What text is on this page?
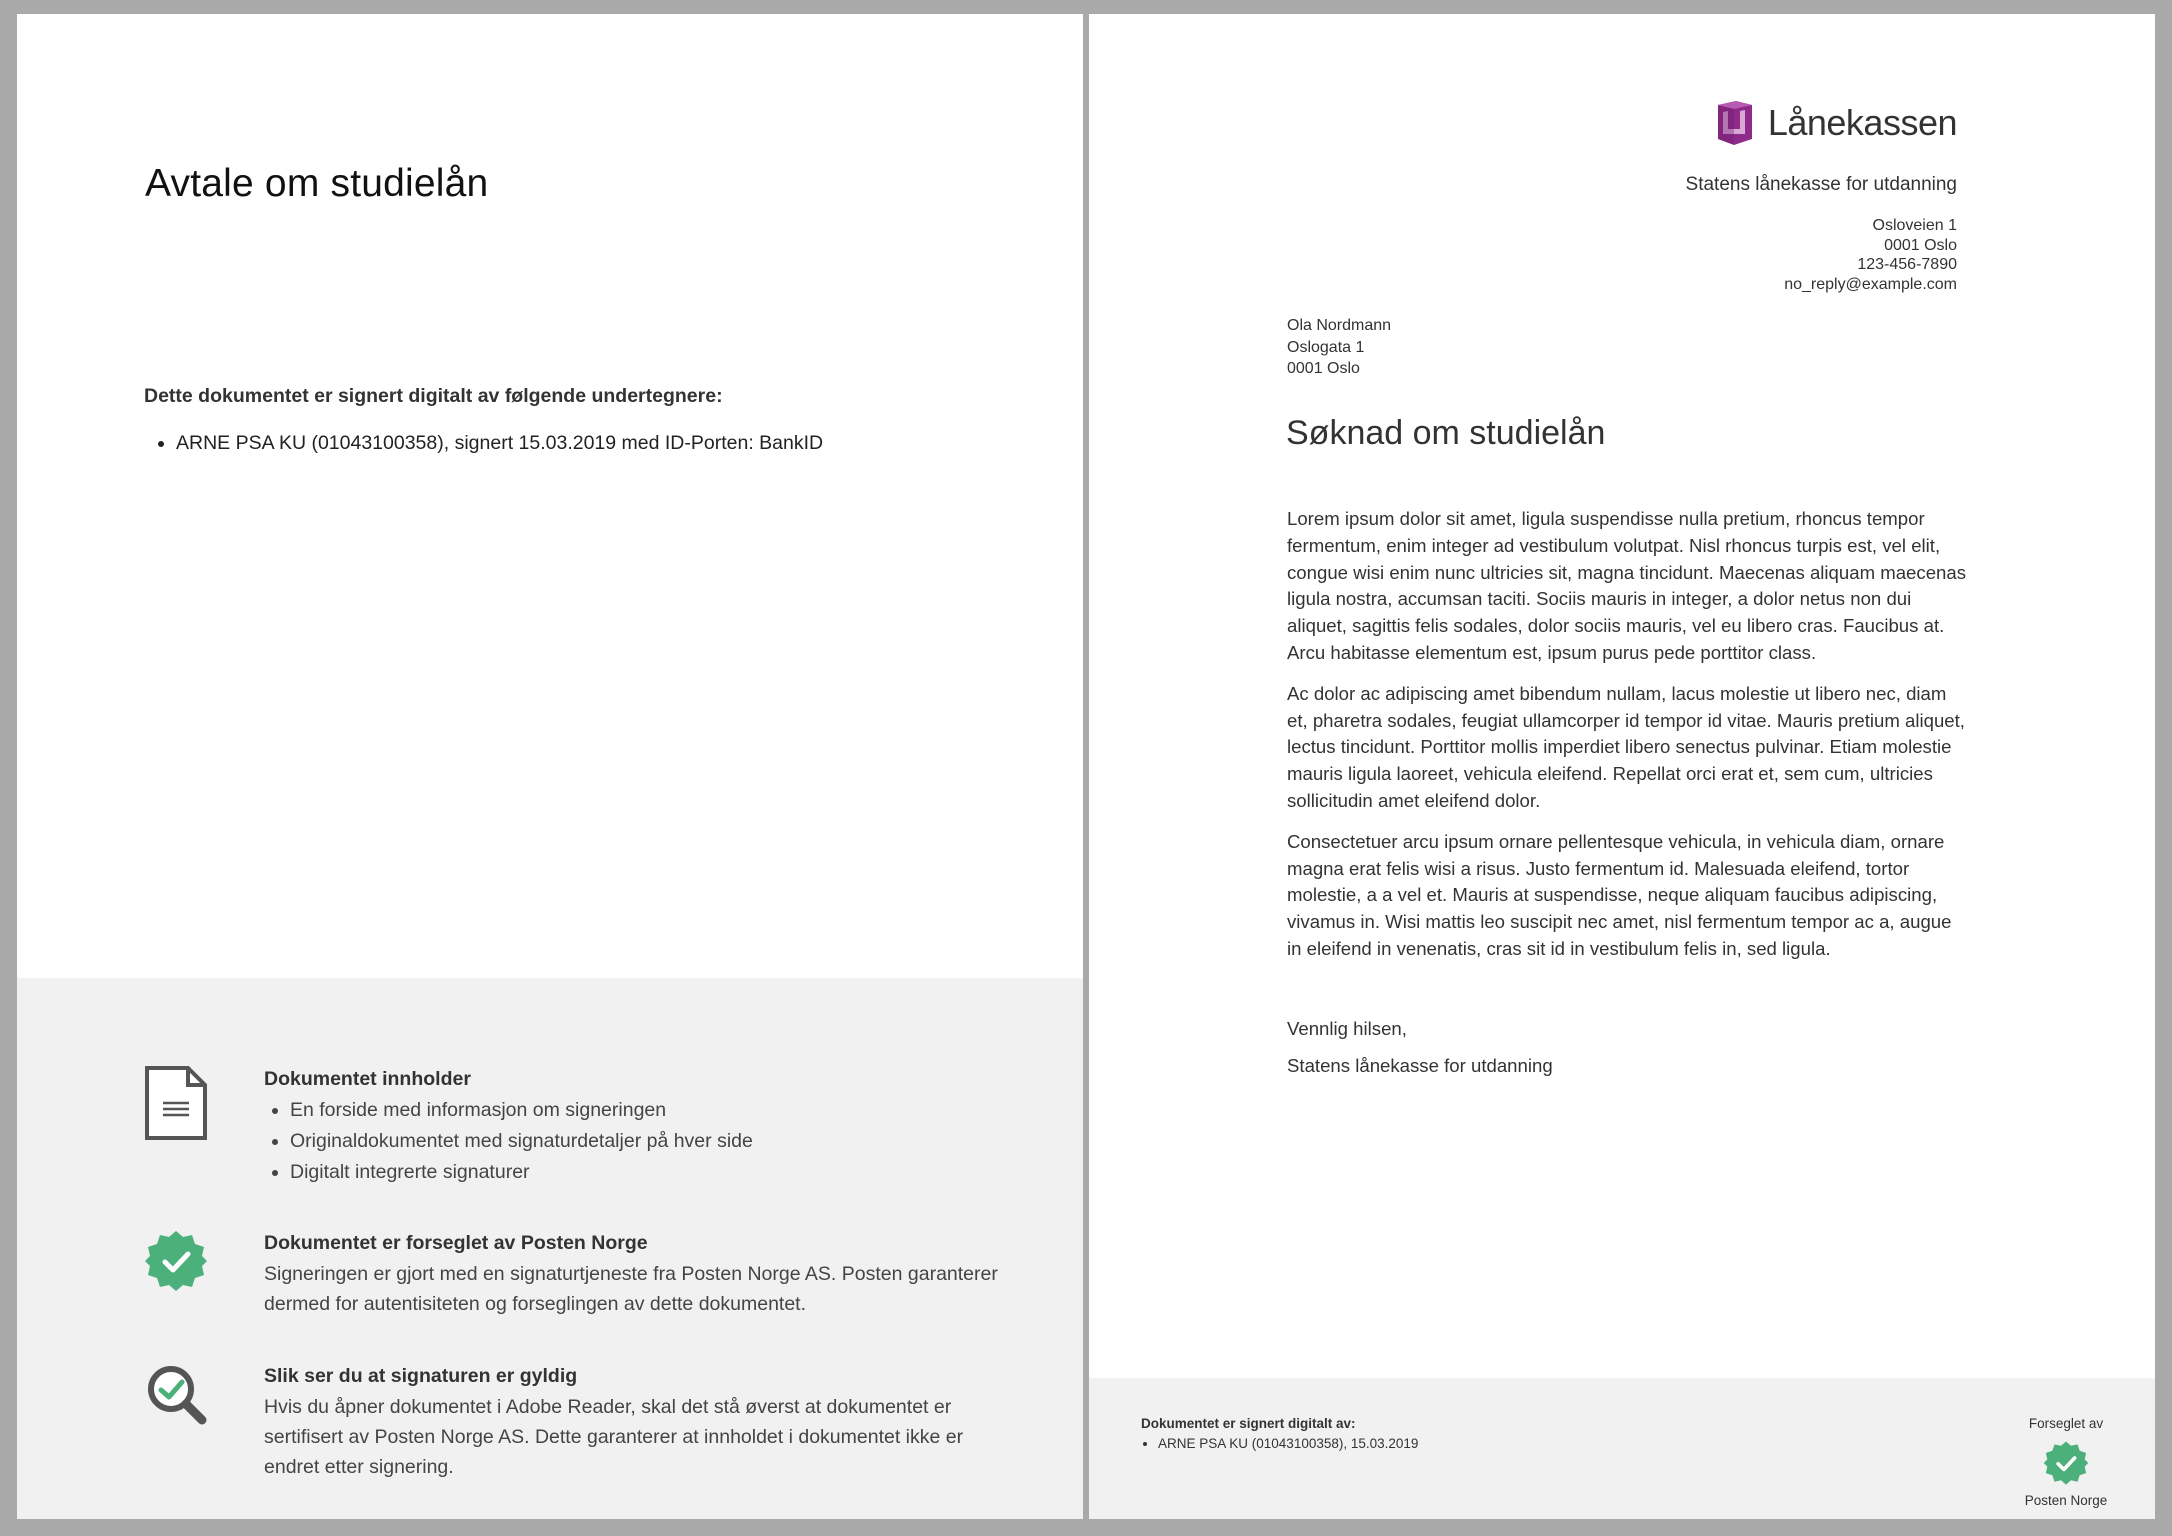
Avtale om studielån
Dette dokumentet er signert digitalt av følgende undertegnere:
• ARNE PSA KU (01043100358), signert 15.03.2019 med ID-Porten: BankID
Dokumentet innholder
• En forside med informasjon om signeringen
• Originaldokumentet med signaturdetaljer på hver side
• Digitalt integrerte signaturer
Dokumentet er forseglet av Posten Norge
Signeringen er gjort med en signaturtjeneste fra Posten Norge AS. Posten garanterer dermed for autentisiteten og forseglingen av dette dokumentet.
Slik ser du at signaturen er gyldig
Hvis du åpner dokumentet i Adobe Reader, skal det stå øverst at dokumentet er sertifisert av Posten Norge AS. Dette garanterer at innholdet i dokumentet ikke er endret etter signering.
Lånekassen
Statens lånekasse for utdanning
Osloveien 1
0001 Oslo
123-456-7890
no_reply@example.com
Ola Nordmann
Oslogata 1
0001 Oslo
Søknad om studielån

Lorem ipsum dolor sit amet, ligula suspendisse nulla pretium, rhoncus tempor fermentum, enim integer ad vestibulum volutpat. Nisl rhoncus turpis est, vel elit, congue wisi enim nunc ultricies sit, magna tincidunt. Maecenas aliquam maecenas ligula nostra, accumsan taciti. Sociis mauris in integer, a dolor netus non dui aliquet, sagittis felis sodales, dolor sociis mauris, vel eu libero cras. Faucibus at. Arcu habitasse elementum est, ipsum purus pede porttitor class.

Ac dolor ac adipiscing amet bibendum nullam, lacus molestie ut libero nec, diam et, pharetra sodales, feugiat ullamcorper id tempor id vitae. Mauris pretium aliquet, lectus tincidunt. Porttitor mollis imperdiet libero senectus pulvinar. Etiam molestie mauris ligula laoreet, vehicula eleifend. Repellat orci erat et, sem cum, ultricies sollicitudin amet eleifend dolor.

Consectetuer arcu ipsum ornare pellentesque vehicula, in vehicula diam, ornare magna erat felis wisi a risus. Justo fermentum id. Malesuada eleifend, tortor molestie, a a vel et. Mauris at suspendisse, neque aliquam faucibus adipiscing, vivamus in. Wisi mattis leo suscipit nec amet, nisl fermentum tempor ac a, augue in eleifend in venenatis, cras sit id in vestibulum felis in, sed ligula.

Vennlig hilsen,
Statens lånekasse for utdanning
Dokumentet er signert digitalt av:
• ARNE PSA KU (01043100358), 15.03.2019
Forseglet av
Posten Norge
